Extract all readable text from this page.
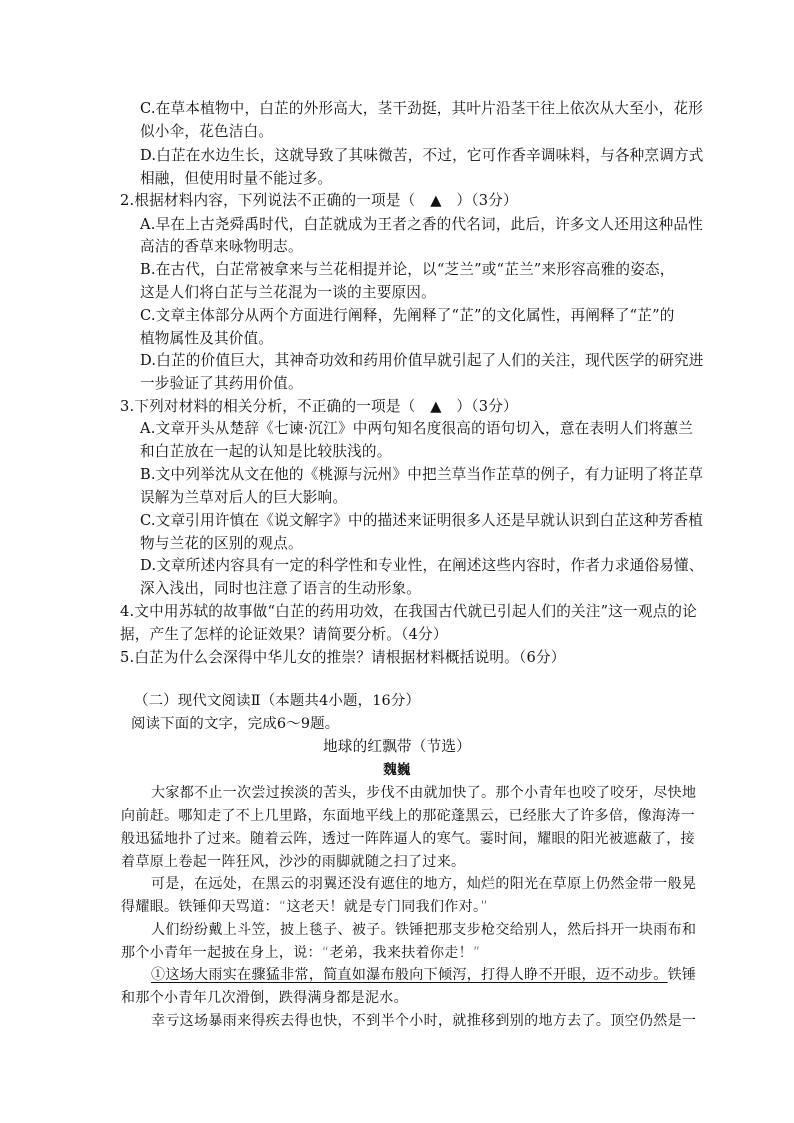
C.在草本植物中，白芷的外形高大，茎干劲挺，其叶片沿茎干往上依次从大至小，花形
似小伞，花色洁白。
D.白芷在水边生长，这就导致了其味微苦，不过，它可作香辛调味料，与各种烹调方式
相融，但使用时量不能过多。
2.根据材料内容，下列说法不正确的一项是（　▲　）（3分）
A.早在上古尧舜禹时代，白芷就成为王者之香的代名词，此后，许多文人还用这种品性
高洁的香草来咏物明志。
B.在古代，白芷常被拿来与兰花相提并论，以“芝兰”或“芷兰”来形容高雅的姿态，
这是人们将白芷与兰花混为一谈的主要原因。
C.文章主体部分从两个方面进行阐释，先阐释了“芷”的文化属性，再阐释了“芷”的
植物属性及其价值。
D.白芷的价值巨大，其神奇功效和药用价值早就引起了人们的关注，现代医学的研究进
一步验证了其药用价值。
3.下列对材料的相关分析，不正确的一项是（　▲　）（3分）
A.文章开头从楚辞《七谏·沉江》中两句知名度很高的语句切入，意在表明人们将蕙兰
和白芷放在一起的认知是比较肤浅的。
B.文中列举沈从文在他的《桃源与沅州》中把兰草当作芷草的例子，有力证明了将芷草
误解为兰草对后人的巨大影响。
C.文章引用许慎在《说文解字》中的描述来证明很多人还是早就认识到白芷这种芳香植
物与兰花的区别的观点。
D.文章所述内容具有一定的科学性和专业性，在阐述这些内容时，作者力求通俗易懂、
深入浅出，同时也注意了语言的生动形象。
4.文中用苏轼的故事做“白芷的药用功效，在我国古代就已引起人们的关注”这一观点的论
据，产生了怎样的论证效果？请简要分析。（4分）
5.白芷为什么会深得中华儿女的推崇？请根据材料概括说明。（6分）
（二）现代文阅读Ⅱ（本题共4小题，16分）
阅读下面的文字，完成6～9题。
地球的红飘带（节选）
魏巍
大家都不止一次尝过挨淡的苦头，步伐不由就加快了。那个小青年也咬了咬牙，尽快地
向前赶。哪知走了不上几里路，东面地平线上的那砣蓬黑云，已经胀大了许多倍，像海涛一
般迅猛地扑了过来。随着云阵，透过一阵阵逼人的寒气。霎时间，耀眼的阳光被遮蔽了，接
着草原上卷起一阵狂风，沙沙的雨脚就随之扫了过来。
可是，在远处，在黑云的羽翼还没有遮住的地方，灿烂的阳光在草原上仍然金带一般晃
得耀眼。铁锤仰天骂道：“这老天！就是专门同我们作对。”
人们纷纷戴上斗笠，披上毯子、被子。铁锤把那支步枪交给别人，然后抖开一块雨布和
那个小青年一起披在身上，说：“老弟，我来扶着你走！”
①这场大雨实在骤猛非常，简直如瀑布般向下倾泻，打得人睁不开眼，迈不动步。铁锤
和那个小青年几次滑倒，跌得满身都是泥水。
幸亏这场暴雨来得疾去得也快，不到半个小时，就推移到别的地方去了。顶空仍然是一
